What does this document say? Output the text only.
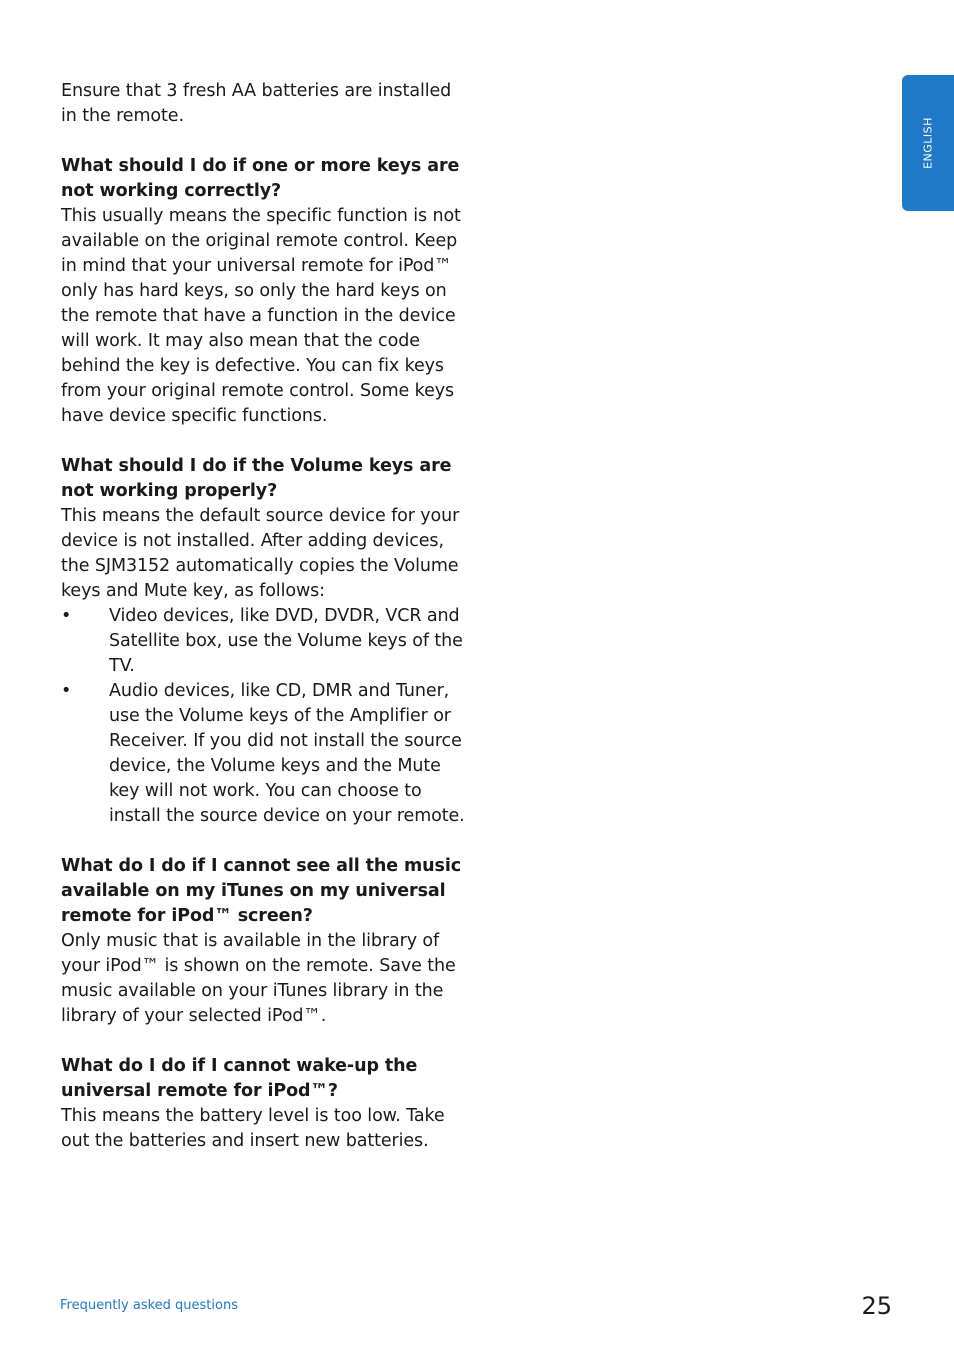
Ensure that 3 fresh AA batteries are installed in the remote.

What should I do if one or more keys are not working correctly?

This usually means the specific function is not available on the original remote control. Keep in mind that your universal remote for iPod™ only has hard keys, so only the hard keys on the remote that have a function in the device will work. It may also mean that the code behind the key is defective. You can fix keys from your original remote control. Some keys have device specific functions.

What should I do if the Volume keys are not working properly?

This means the default source device for your device is not installed. After adding devices, the SJM3152 automatically copies the Volume keys and Mute key, as follows:

• Video devices, like DVD, DVDR, VCR and Satellite box, use the Volume keys of the TV.
• Audio devices, like CD, DMR and Tuner, use the Volume keys of the Amplifier or Receiver. If you did not install the source device, the Volume keys and the Mute key will not work. You can choose to install the source device on your remote.
What do I do if I cannot see all the music available on my iTunes on my universal remote for iPod™ screen?

Only music that is available in the library of your iPod™ is shown on the remote. Save the music available on your iTunes library in the library of your selected iPod™.

What do I do if I cannot wake-up the universal remote for iPod™?

This means the battery level is too low. Take out the batteries and insert new batteries.

ENGLISH
Frequently asked questions	25
